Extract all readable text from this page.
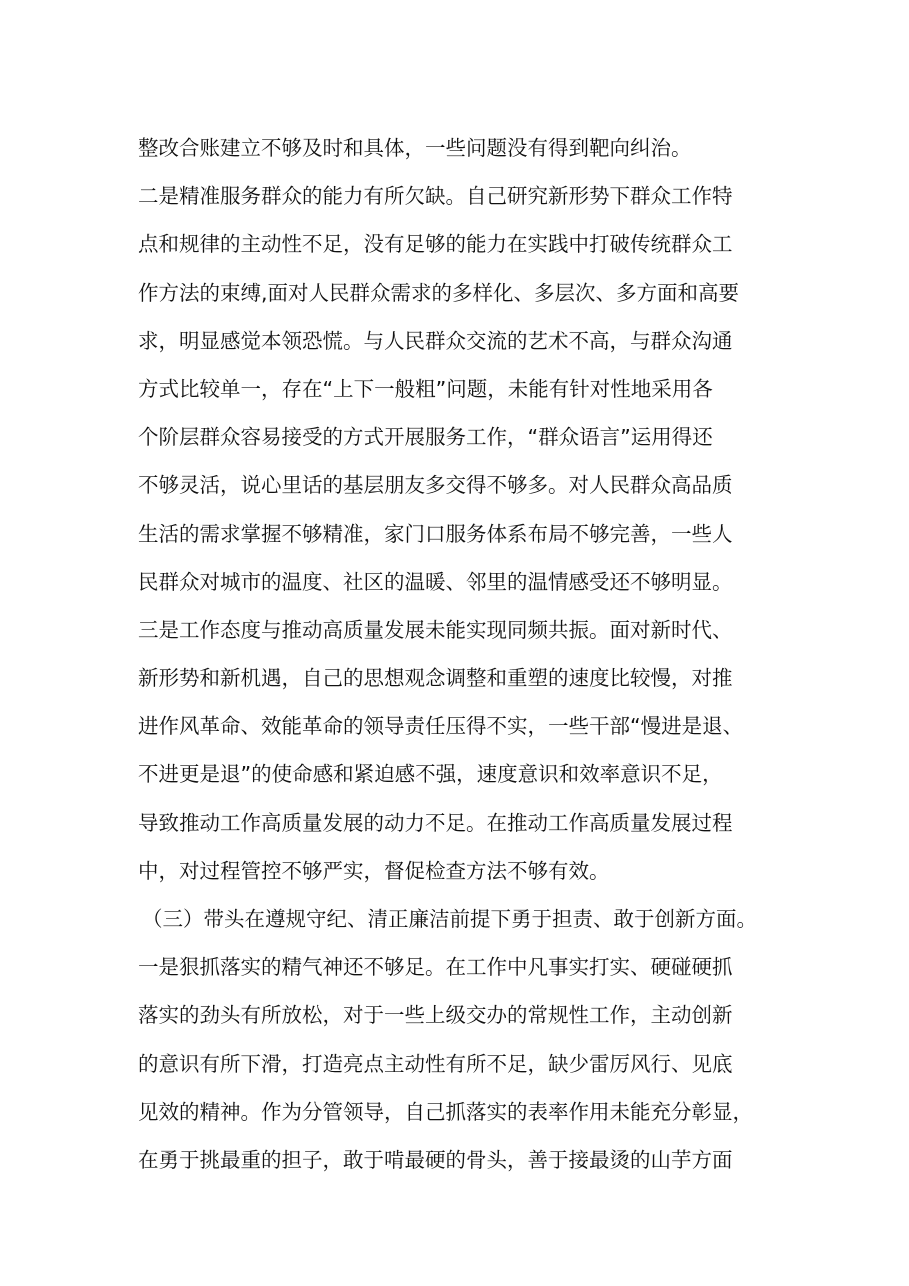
整改合账建立不够及时和具体，一些问题没有得到靶向纠治。
二是精准服务群众的能力有所欠缺。自己研究新形势下群众工作特
点和规律的主动性不足，没有足够的能力在实践中打破传统群众工
作方法的束缚,面对人民群众需求的多样化、多层次、多方面和高要
求，明显感觉本领恐慌。与人民群众交流的艺术不高，与群众沟通
方式比较单一，存在“上下一般粗”问题，未能有针对性地采用各
个阶层群众容易接受的方式开展服务工作，“群众语言”运用得还
不够灵活，说心里话的基层朋友多交得不够多。对人民群众高品质
生活的需求掌握不够精准，家门口服务体系布局不够完善，一些人
民群众对城市的温度、社区的温暖、邻里的温情感受还不够明显。
三是工作态度与推动高质量发展未能实现同频共振。面对新时代、
新形势和新机遇，自己的思想观念调整和重塑的速度比较慢，对推
进作风革命、效能革命的领导责任压得不实，一些干部“慢进是退、
不进更是退”的使命感和紧迫感不强，速度意识和效率意识不足，
导致推动工作高质量发展的动力不足。在推动工作高质量发展过程
中，对过程管控不够严实，督促检查方法不够有效。
（三）带头在遵规守纪、清正廉洁前提下勇于担责、敢于创新方面。
一是狠抓落实的精气神还不够足。在工作中凡事实打实、硬碰硬抓
落实的劲头有所放松，对于一些上级交办的常规性工作，主动创新
的意识有所下滑，打造亮点主动性有所不足，缺少雷厉风行、见底
见效的精神。作为分管领导，自己抓落实的表率作用未能充分彰显，
在勇于挑最重的担子，敢于啃最硬的骨头，善于接最烫的山芋方面
